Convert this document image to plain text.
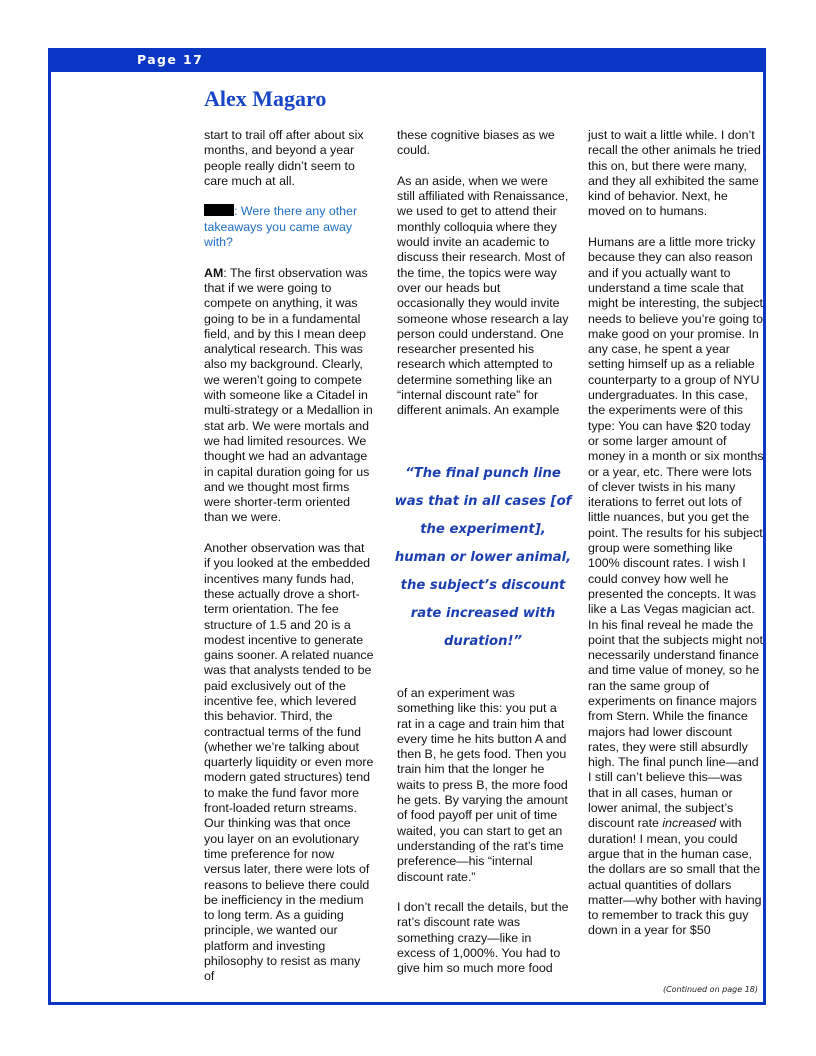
Page 17
Alex Magaro

start to trail off after about six months, and beyond a year people really didn’t seem to care much at all.

: Were there any other takeaways you came away with?

AM: The first observation was that if we were going to compete on anything, it was going to be in a fundamental field, and by this I mean deep analytical research. This was also my background. Clearly, we weren’t going to compete with someone like a Citadel in multi-strategy or a Medallion in stat arb. We were mortals and we had limited resources. We thought we had an advantage in capital duration going for us and we thought most firms were shorter-term oriented than we were.

Another observation was that if you looked at the embedded incentives many funds had, these actually drove a short-term orientation. The fee structure of 1.5 and 20 is a modest incentive to generate gains sooner. A related nuance was that analysts tended to be paid exclusively out of the incentive fee, which levered this behavior. Third, the contractual terms of the fund (whether we’re talking about quarterly liquidity or even more modern gated structures) tend to make the fund favor more front-loaded return streams. Our thinking was that once you layer on an evolutionary time preference for now versus later, there were lots of reasons to believe there could be inefficiency in the medium to long term. As a guiding principle, we wanted our platform and investing philosophy to resist as many of

these cognitive biases as we could.

As an aside, when we were still affiliated with Renaissance, we used to get to attend their monthly colloquia where they would invite an academic to discuss their research. Most of the time, the topics were way over our heads but occasionally they would invite someone whose research a lay person could understand. One researcher presented his research which attempted to determine something like an “internal discount rate” for different animals. An example

“The final punch line was that in all cases [of the experiment], human or lower animal, the subject’s discount rate increased with duration!”

of an experiment was something like this: you put a rat in a cage and train him that every time he hits button A and then B, he gets food. Then you train him that the longer he waits to press B, the more food he gets. By varying the amount of food payoff per unit of time waited, you can start to get an understanding of the rat’s time preference—his “internal discount rate.”

I don’t recall the details, but the rat’s discount rate was something crazy—like in excess of 1,000%. You had to give him so much more food

just to wait a little while. I don’t recall the other animals he tried this on, but there were many, and they all exhibited the same kind of behavior. Next, he moved on to humans.

Humans are a little more tricky because they can also reason and if you actually want to understand a time scale that might be interesting, the subject needs to believe you’re going to make good on your promise. In any case, he spent a year setting himself up as a reliable counterparty to a group of NYU undergraduates. In this case, the experiments were of this type: You can have $20 today or some larger amount of money in a month or six months or a year, etc. There were lots of clever twists in his many iterations to ferret out lots of little nuances, but you get the point. The results for his subject group were something like 100% discount rates. I wish I could convey how well he presented the concepts. It was like a Las Vegas magician act. In his final reveal he made the point that the subjects might not necessarily understand finance and time value of money, so he ran the same group of experiments on finance majors from Stern. While the finance majors had lower discount rates, they were still absurdly high. The final punch line—and I still can’t believe this—was that in all cases, human or lower animal, the subject’s discount rate increased with duration! I mean, you could argue that in the human case, the dollars are so small that the actual quantities of dollars matter—why bother with having to remember to track this guy down in a year for $50

(Continued on page 18)
